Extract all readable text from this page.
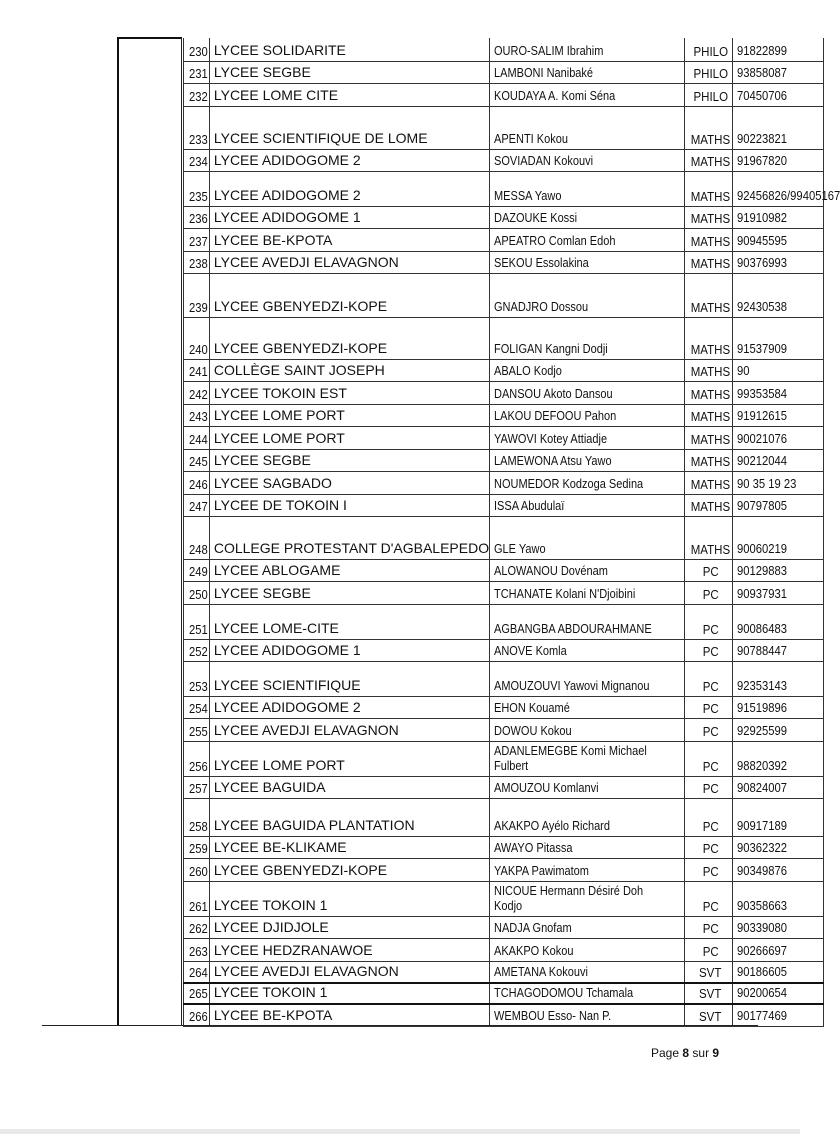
230	LYCEE SOLIDARITE	OURO-SALIM Ibrahim	PHILO	91822899
231	LYCEE SEGBE	LAMBONI Nanibaké	PHILO	93858087
232	LYCEE LOME CITE	KOUDAYA A. Komi Séna	PHILO	70450706
233	LYCEE SCIENTIFIQUE DE LOME	APENTI Kokou	MATHS	90223821
234	LYCEE ADIDOGOME 2	SOVIADAN Kokouvi	MATHS	91967820
235	LYCEE ADIDOGOME 2	MESSA Yawo	MATHS	92456826/99405167
236	LYCEE ADIDOGOME 1	DAZOUKE Kossi	MATHS	91910982
237	LYCEE BE-KPOTA	APEATRO Comlan Edoh	MATHS	90945595
238	LYCEE AVEDJI ELAVAGNON	SEKOU Essolakina	MATHS	90376993
239	LYCEE GBENYEDZI-KOPE	GNADJRO Dossou	MATHS	92430538
240	LYCEE GBENYEDZI-KOPE	FOLIGAN Kangni Dodji	MATHS	91537909
241	COLLÈGE SAINT JOSEPH	ABALO Kodjo	MATHS	90
242	LYCEE TOKOIN EST	DANSOU Akoto Dansou	MATHS	99353584
243	LYCEE LOME PORT	LAKOU DEFOOU Pahon	MATHS	91912615
244	LYCEE LOME PORT	YAWOVI Kotey Attiadje	MATHS	90021076
245	LYCEE SEGBE	LAMEWONA Atsu Yawo	MATHS	90212044
246	LYCEE SAGBADO	NOUMEDOR Kodzoga Sedina	MATHS	90 35 19 23
247	LYCEE DE TOKOIN I	ISSA Abudulaï	MATHS	90797805
248	COLLEGE PROTESTANT D'AGBALEPEDO	GLE Yawo	MATHS	90060219
249	LYCEE ABLOGAME	ALOWANOU Dovénam	PC	90129883
250	LYCEE SEGBE	TCHANATE Kolani N'Djoibini	PC	90937931
251	LYCEE LOME-CITE	AGBANGBA ABDOURAHMANE	PC	90086483
252	LYCEE ADIDOGOME 1	ANOVE Komla	PC	90788447
253	LYCEE SCIENTIFIQUE	AMOUZOUVI Yawovi Mignanou	PC	92353143
254	LYCEE ADIDOGOME 2	EHON Kouamé	PC	91519896
255	LYCEE AVEDJI ELAVAGNON	DOWOU Kokou	PC	92925599
256	LYCEE LOME PORT	ADANLEMEGBE Komi Michael Fulbert	PC	98820392
257	LYCEE BAGUIDA	AMOUZOU Komlanvi	PC	90824007
258	LYCEE BAGUIDA PLANTATION	AKAKPO Ayélo Richard	PC	90917189
259	LYCEE BE-KLIKAME	AWAYO Pitassa	PC	90362322
260	LYCEE GBENYEDZI-KOPE	YAKPA Pawimatom	PC	90349876
261	LYCEE TOKOIN 1	NICOUE Hermann Désiré Doh Kodjo	PC	90358663
262	LYCEE DJIDJOLE	NADJA Gnofam	PC	90339080
263	LYCEE HEDZRANAWOE	AKAKPO Kokou	PC	90266697
264	LYCEE AVEDJI ELAVAGNON	AMETANA Kokouvi	SVT	90186605
265	LYCEE TOKOIN 1	TCHAGODOMOU Tchamala	SVT	90200654
266	LYCEE BE-KPOTA	WEMBOU Esso- Nan P.	SVT	90177469
Page 8 sur 9
